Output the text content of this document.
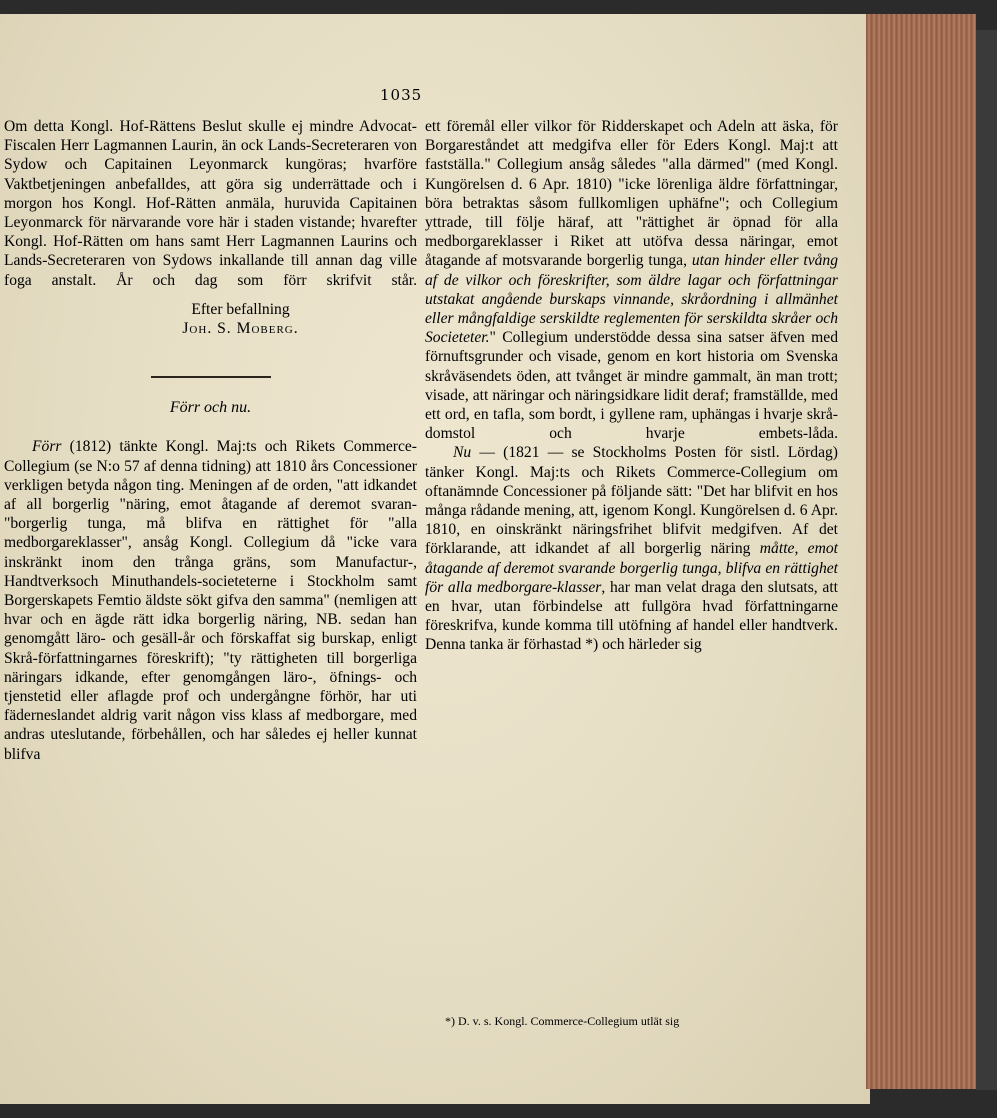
1035

Om detta Kongl. Hof-Rättens Beslut skulle ej mindre Advocat-Fiscalen Herr Lagmannen Laurin, än ock Lands-Secreteraren von Sydow och Capitainen Leyonmarck kungöras; hvarföre Vaktbetjeningen anbefalldes, att göra sig underrättade och i morgon hos Kongl. Hof-Rätten anmäla, huruvida Capitainen Leyonmarck för närvarande vore här i staden vistande; hvarefter Kongl. Hof-Rätten om hans samt Herr Lagmannen Laurins och Lands-Secreteraren von Sydows inkallande till annan dag ville foga anstalt. År och dag som förr skrifvit står.

Efter befallning

Joh. S. Moberg.

Förr och nu.

Förr (1812) tänkte Kongl. Maj:ts och Rikets Commerce-Collegium (se N:o 57 af denna tidning) att 1810 års Concessioner verkligen betyda någon ting. Meningen af de orden, "att idkandet af all borgerlig "näring, emot åtagande af deremot svaran- "borgerlig tunga, må blifva en rättighet för "alla medborgareklasser", ansåg Kongl. Collegium då "icke vara inskränkt inom den trånga gräns, som Manufactur-, Handtverksoch Minuthandels-societeterne i Stockholm samt Borgerskapets Femtio äldste sökt gifva den samma" (nemligen att hvar och en ägde rätt idka borgerlig näring, NB. sedan han genomgått läro- och gesäll-år och förskaffat sig burskap, enligt Skrå-författningarnes föreskrift); "ty rättigheten till borgerliga näringars idkande, efter genomgången läro-, öfnings- och tjenstetid eller aflagde prof och undergångne förhör, har uti fäderneslandet aldrig varit någon viss klass af medborgare, med andras uteslutande, förbehållen, och har således ej heller kunnat blifva

ett föremål eller vilkor för Ridderskapet och Adeln att äska, för Borgareståndet att medgifva eller för Eders Kongl. Maj:t att fastställa." Collegium ansåg således "alla därmed" (med Kongl. Kungörelsen d. 6 Apr. 1810) "icke lörenliga äldre författningar, böra betraktas såsom fullkomligen uphäfne"; och Collegium yttrade, till följe häraf, att "rättighet är öpnad för alla medborgareklasser i Riket att utöfva dessa näringar, emot åtagande af motsvarande borgerlig tunga, utan hinder eller tvång af de vilkor och föreskrifter, som äldre lagar och författningar utstakat angående burskaps vinnande, skråordning i allmänhet eller mångfaldige serskildte reglementen för serskildta skråer och Societeter." Collegium understödde dessa sina satser äfven med förnuftsgrunder och visade, genom en kort historia om Svenska skråväsendets öden, att tvånget är mindre gammalt, än man trott; visade, att näringar och näringsidkare lidit deraf; framställde, med ett ord, en tafla, som bordt, i gyllene ram, uphängas i hvarje skrå-domstol och hvarje embets-låda.

Nu — (1821 — se Stockholms Posten för sistl. Lördag) tänker Kongl. Maj:ts och Rikets Commerce-Collegium om oftanämnde Concessioner på följande sätt: "Det har blifvit en hos många rådande mening, att, igenom Kongl. Kungörelsen d. 6 Apr. 1810, en oinskränkt näringsfrihet blifvit medgifven. Af det förklarande, att idkandet af all borgerlig näring måtte, emot åtagande af deremot svarande borgerlig tunga, blifva en rättighet för alla medborgare-klasser, har man velat draga den slutsats, att en hvar, utan förbindelse att fullgöra hvad författningarne föreskrifva, kunde komma till utöfning af handel eller handtverk. Denna tanka är förhastad *) och härleder sig

*) D. v. s. Kongl. Commerce-Collegium utlät sig
